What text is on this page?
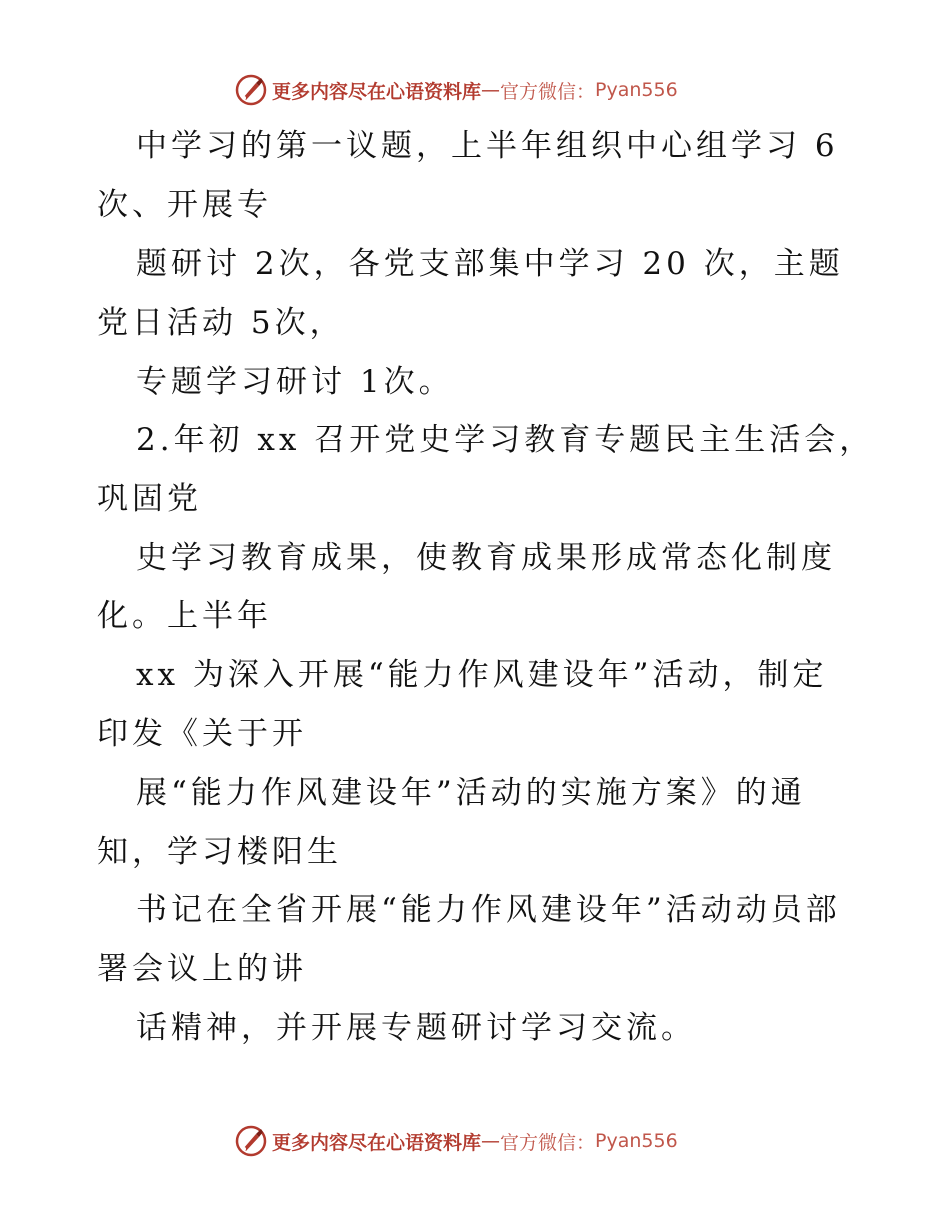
更多内容尽在心语资料库 — 官方微信： Pyan556
中学习的第一议题，上半年组织中心组学习 6
次、开展专
题研讨 2次，各党支部集中学习 20 次，主题
党日活动 5次，
专题学习研讨 1次。
2.年初 xx 召开党史学习教育专题民主生活会，
巩固党
史学习教育成果，使教育成果形成常态化制度
化。上半年
xx 为深入开展“能力作风建设年”活动，制定
印发《关于开
展“能力作风建设年”活动的实施方案》的通
知，学习楼阳生
书记在全省开展“能力作风建设年”活动动员部
署会议上的讲
话精神，并开展专题研讨学习交流。
更多内容尽在心语资料库 — 官方微信： Pyan556
